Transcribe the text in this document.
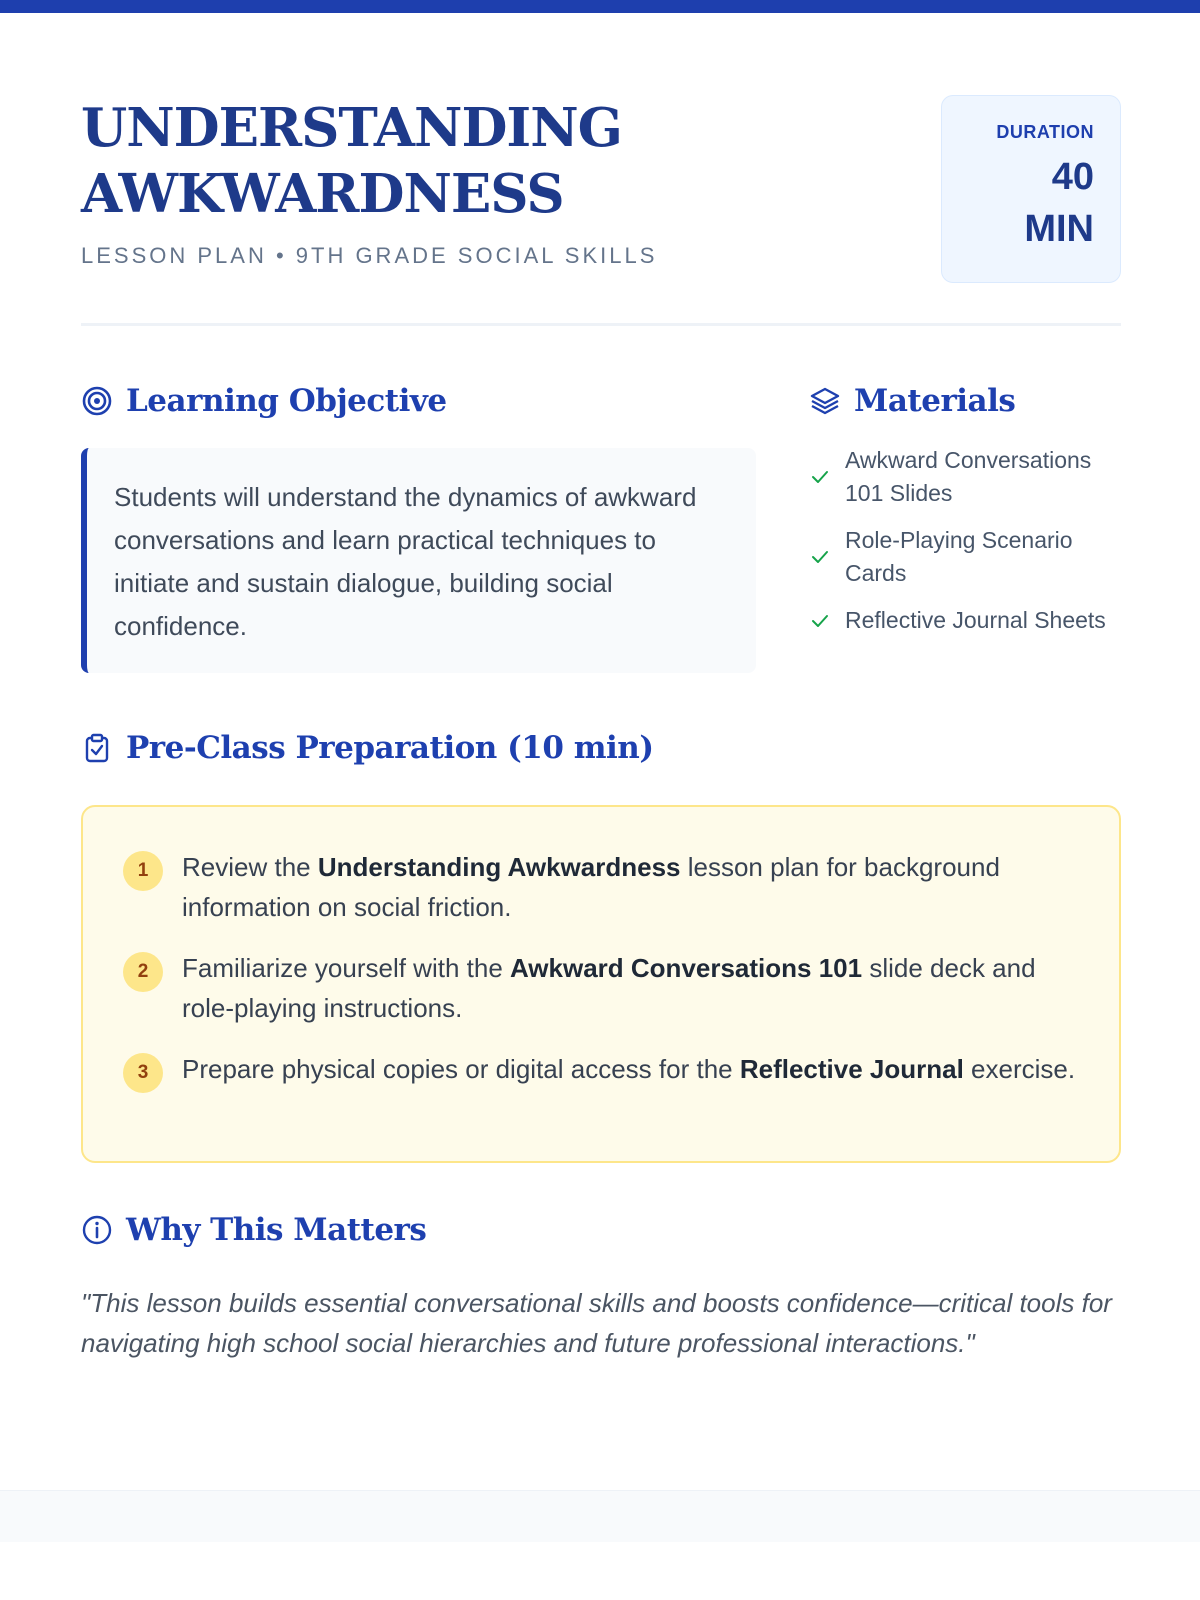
UNDERSTANDING
AWKWARDNESS
LESSON PLAN • 9TH GRADE SOCIAL SKILLS
DURATION
40 MIN
Learning Objective

Students will understand the dynamics of awkward conversations and learn practical techniques to initiate and sustain dialogue, building social confidence.

Materials
Awkward Conversations 101 Slides
Role-Playing Scenario Cards
Reflective Journal Sheets
Pre-Class Preparation (10 min)
1	Review the Understanding Awkwardness lesson plan for background information on social friction.

2	Familiarize yourself with the Awkward Conversations 101 slide deck and role-playing instructions.

3	Prepare physical copies or digital access for the Reflective Journal exercise.

Why This Matters

"This lesson builds essential conversational skills and boosts confidence—critical tools for navigating high school social hierarchies and future professional interactions."
